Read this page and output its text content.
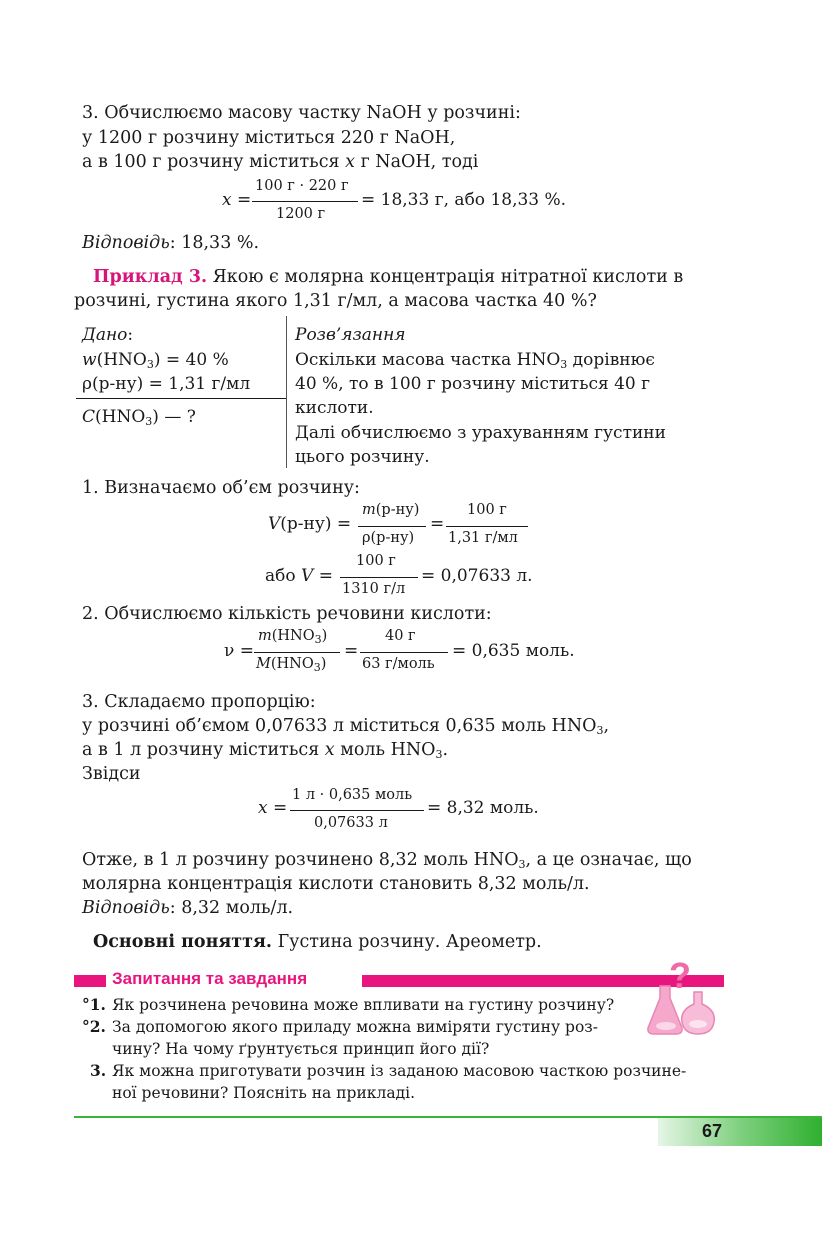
3. Обчислюємо масову частку NaOH у розчині:
у 1200 г розчину міститься 220 г NaOH,
а в 100 г розчину міститься x г NaOH, тоді
x =
100 г · 220 г
1200 г
= 18,33 г, або 18,33 %.
Відповідь: 18,33 %.
Приклад 3. Якою є молярна концентрація нітратної кислоти в
розчині, густина якого 1,31 г/мл, а масова частка 40 %?
Дано:
$w(HNO_3) = 40$ %
ρ(р-ну) = 1,31 г/мл
$C(HNO_3)$ — ?
Розв’язання
Оскільки масова частка $HNO_3$ дорівнює
40 %, то в 100 г розчину міститься 40 г
кислоти.
Далі обчислюємо з урахуванням густини
цього розчину.
1. Визначаємо об’єм розчину:
V(р-ну) =
m(р-ну)
ρ(р-ну)
=
100 г
1,31 г/мл
або V =
100 г
1310 г/л
= 0,07633 л.
2. Обчислюємо кількість речовини кислоти:
ν =
$m(HNO_3)$
$M(HNO_3)$
=
40 г
63 г/моль
= 0,635 моль.
3. Складаємо пропорцію:
у розчині об’ємом 0,07633 л міститься 0,635 моль $HNO_3$,
а в 1 л розчину міститься x моль $HNO_3$.
Звідси
x =
1 л · 0,635 моль
0,07633 л
= 8,32 моль.
Отже, в 1 л розчину розчинено 8,32 моль $HNO_3$, а це означає, що
молярна концентрація кислоти становить 8,32 моль/л.
Відповідь: 8,32 моль/л.
Основні поняття. Густина розчину. Ареометр.
Запитання та завдання	?
°1. Як розчинена речовина може впливати на густину розчину?
°2. За допомогою якого приладу можна виміряти густину роз-
чину? На чому ґрунтується принцип його дії?
3. Як можна приготувати розчин із заданою масовою часткою розчине-
ної речовини? Поясніть на прикладі.
67
